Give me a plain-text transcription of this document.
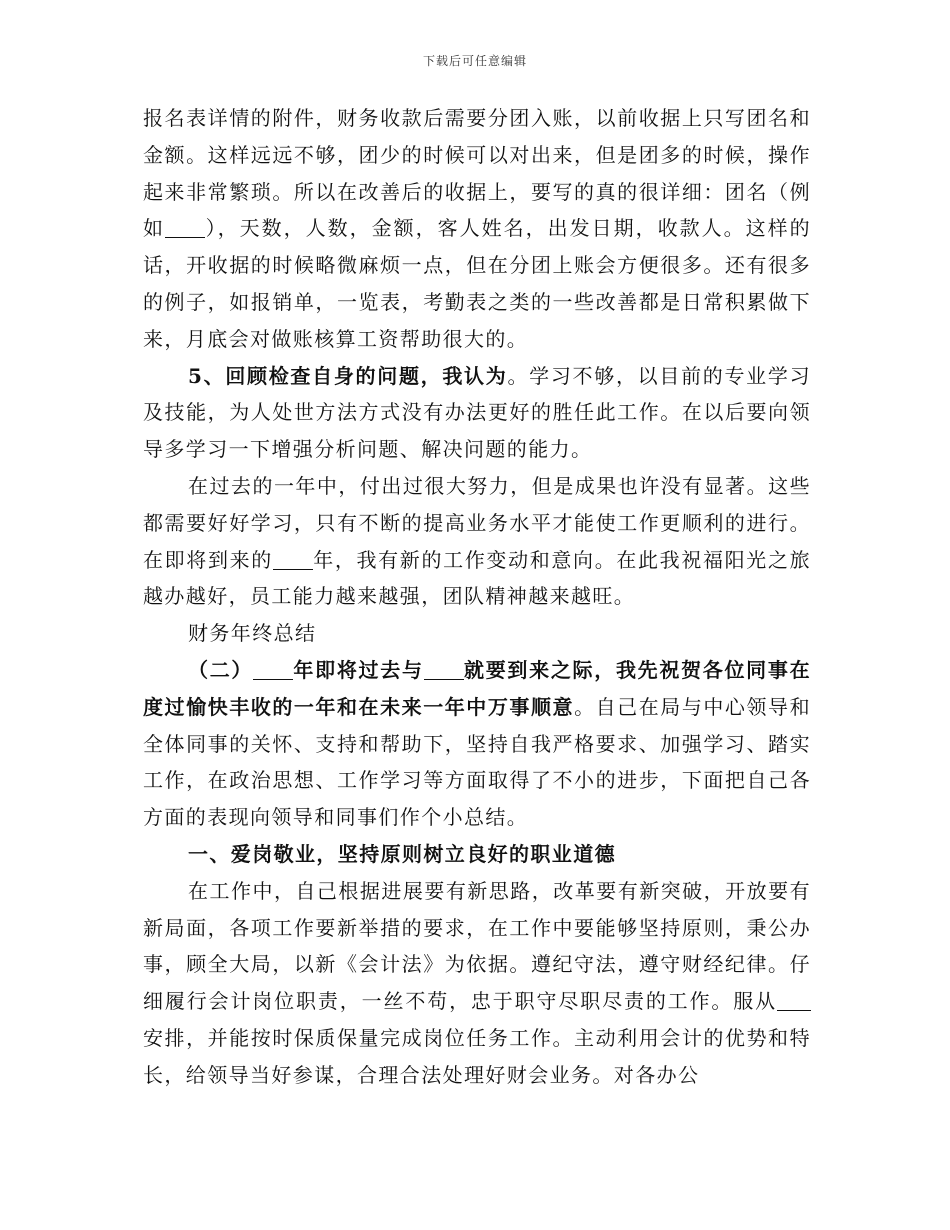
下载后可任意编辑

报名表详情的附件，财务收款后需要分团入账，以前收据上只写团名和金额。这样远远不够，团少的时候可以对出来，但是团多的时候，操作起来非常繁琐。所以在改善后的收据上，要写的真的很详细：团名（例如 ），天数，人数，金额，客人姓名，出发日期，收款人。这样的话，开收据的时候略微麻烦一点，但在分团上账会方便很多。还有很多的例子，如报销单，一览表，考勤表之类的一些改善都是日常积累做下来，月底会对做账核算工资帮助很大的。

5、回顾检查自身的问题，我认为。学习不够，以目前的专业学习及技能，为人处世方法方式没有办法更好的胜任此工作。在以后要向领导多学习一下增强分析问题、解决问题的能力。

在过去的一年中，付出过很大努力，但是成果也许没有显著。这些都需要好好学习，只有不断的提高业务水平才能使工作更顺利的进行。在即将到来的 年，我有新的工作变动和意向。在此我祝福阳光之旅越办越好，员工能力越来越强，团队精神越来越旺。

财务年终总结

（二） 年即将过去与 就要到来之际，我先祝贺各位同事在度过愉快丰收的一年和在未来一年中万事顺意。自己在局与中心领导和全体同事的关怀、支持和帮助下，坚持自我严格要求、加强学习、踏实工作，在政治思想、工作学习等方面取得了不小的进步，下面把自己各方面的表现向领导和同事们作个小总结。

一、爱岗敬业，坚持原则树立良好的职业道德

在工作中，自己根据进展要有新思路，改革要有新突破，开放要有新局面，各项工作要新举措的要求，在工作中要能够坚持原则，秉公办事，顾全大局，以新《会计法》为依据。遵纪守法，遵守财经纪律。仔细履行会计岗位职责，一丝不苟，忠于职守尽职尽责的工作。服从安排，并能按时保质保量完成岗位任务工作。主动利用会计的优势和特长，给领导当好参谋，合理合法处理好财会业务。对各办公
